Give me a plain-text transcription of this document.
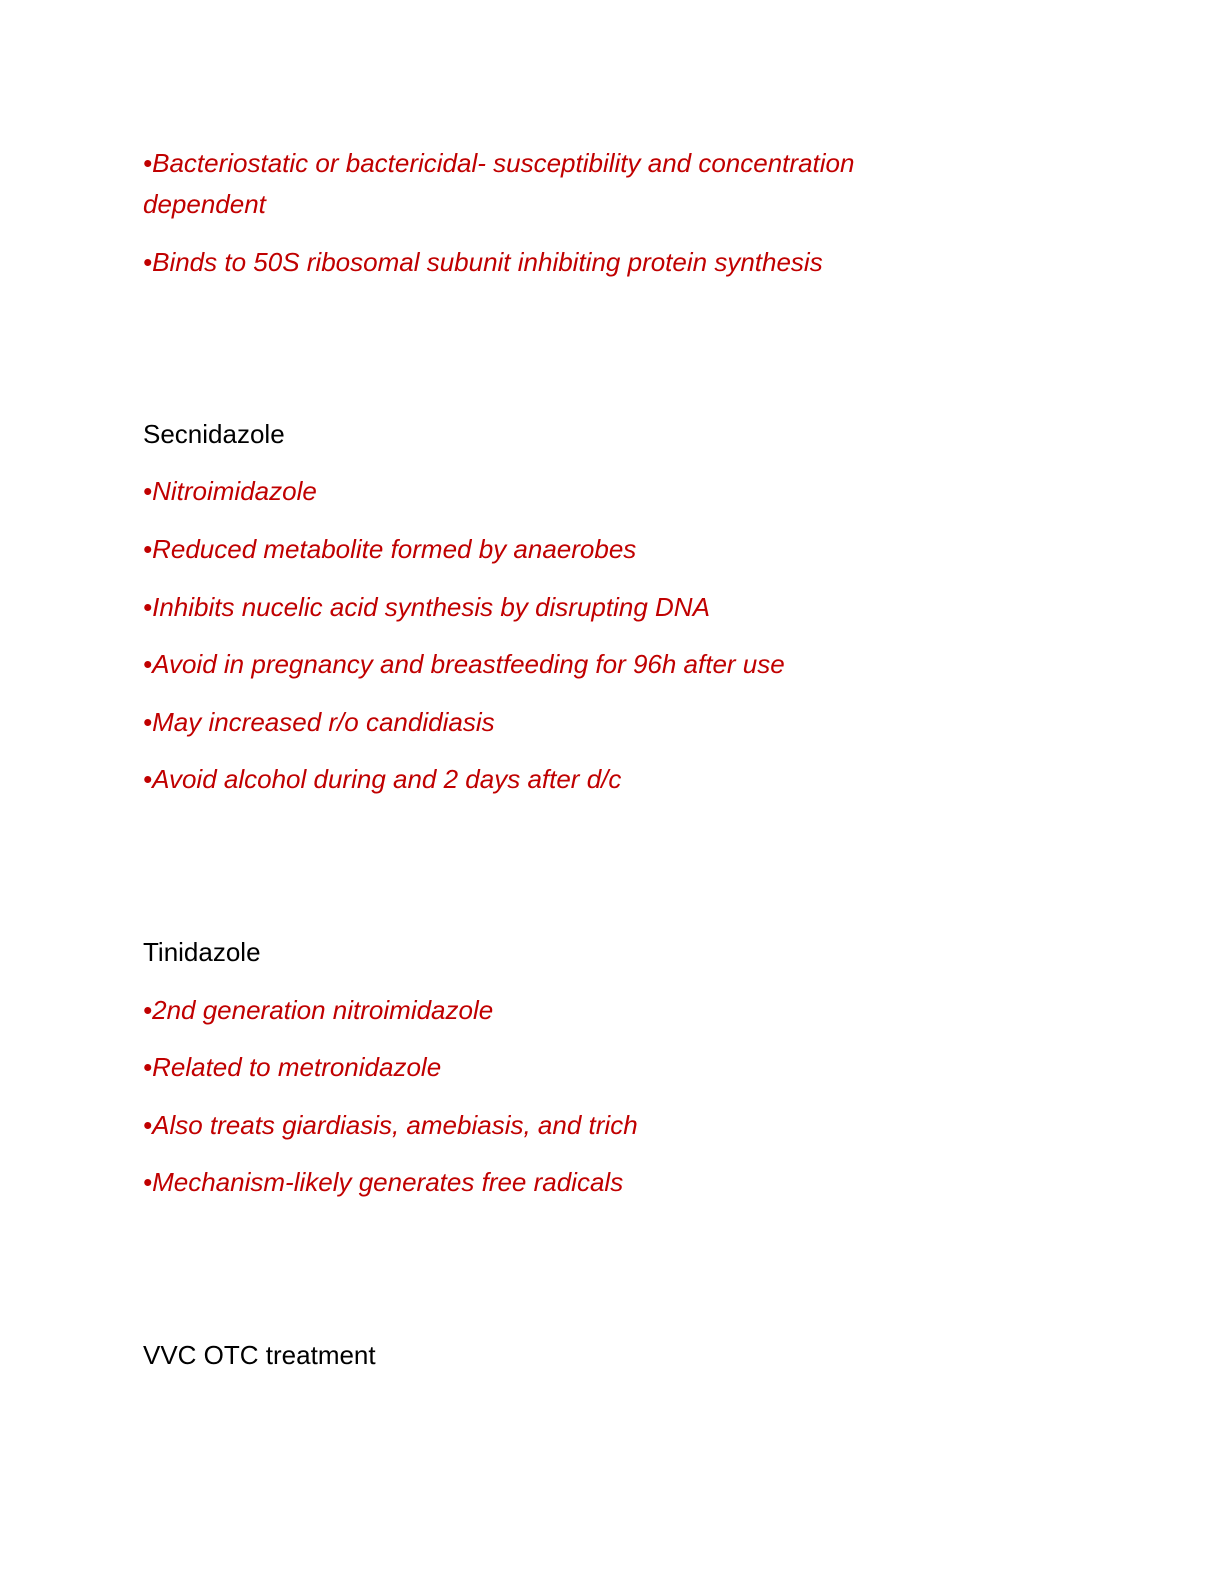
•Bacteriostatic or bactericidal- susceptibility and concentration

dependent

•Binds to 50S ribosomal subunit inhibiting protein synthesis

Secnidazole

•Nitroimidazole

•Reduced metabolite formed by anaerobes

•Inhibits nucelic acid synthesis by disrupting DNA

•Avoid in pregnancy and breastfeeding for 96h after use

•May increased r/o candidiasis

•Avoid alcohol during and 2 days after d/c

Tinidazole

•2nd generation nitroimidazole

•Related to metronidazole

•Also treats giardiasis, amebiasis, and trich

•Mechanism-likely generates free radicals

VVC OTC treatment
